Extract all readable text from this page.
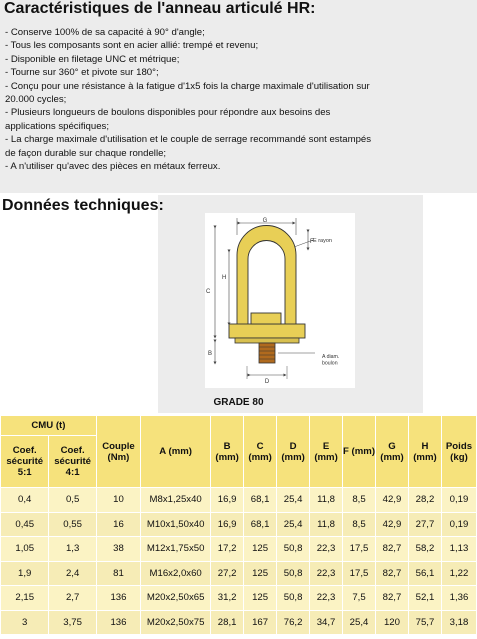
Caractéristiques de l'anneau articulé HR:
- Conserve 100% de sa capacité à 90° d'angle;
- Tous les composants sont en acier allié: trempé et revenu;
- Disponible en filetage UNC et métrique;
- Tourne sur 360° et pivote sur 180°;
- Conçu pour une résistance à la fatigue d'1x5 fois la charge maximale d'utilisation sur
20.000 cycles;
- Plusieurs longueurs de boulons disponibles pour répondre aux besoins des
applications spécifiques;
- La charge maximale d'utilisation et le couple de serrage recommandé sont estampés
de façon durable sur chaque rondelle;
- A n'utiliser qu'avec des pièces en métaux ferreux.
Données techniques:
G
E rayon
H
C
F
B	A diam. boulon
D
GRADE 80
CMU (t)		Couple (Nm)	A (mm)	B (mm)	C (mm)	D (mm)	E (mm)	F (mm)	G (mm)	H (mm)	Poids (kg)
Coef. sécurité 5:1	Coef. sécurité 4:1										
0,4	0,5	10	M8x1,25x40	16,9	68,1	25,4	11,8	8,5	42,9	28,2	0,19
0,45	0,55	16	M10x1,50x40	16,9	68,1	25,4	11,8	8,5	42,9	27,7	0,19
1,05	1,3	38	M12x1,75x50	17,2	125	50,8	22,3	17,5	82,7	58,2	1,13
1,9	2,4	81	M16x2,0x60	27,2	125	50,8	22,3	17,5	82,7	56,1	1,22
2,15	2,7	136	M20x2,50x65	31,2	125	50,8	22,3	7,5	82,7	52,1	1,36
3	3,75	136	M20x2,50x75	28,1	167	76,2	34,7	25,4	120	75,7	3,18
